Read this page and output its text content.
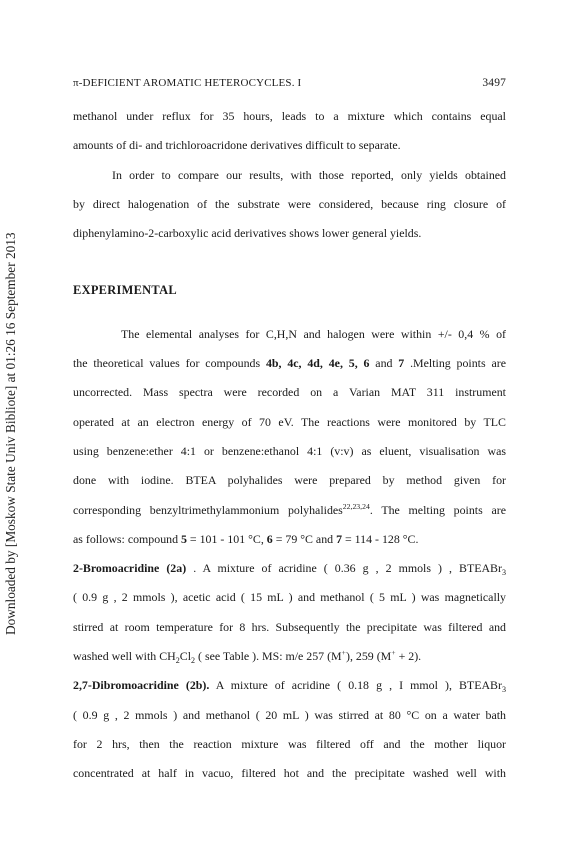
Downloaded by [Moskow State Univ Bibliote] at 01:26 16 September 2013
π-DEFICIENT AROMATIC HETEROCYCLES. I	3497
methanol under reflux for 35 hours, leads to a mixture which contains equal
amounts of di- and trichloroacridone derivatives difficult to separate.
In order to compare our results, with those reported, only yields obtained
by direct halogenation of the substrate were considered, because ring closure of
diphenylamino-2-carboxylic acid derivatives shows lower general yields.
EXPERIMENTAL
The elemental analyses for C,H,N and halogen were within +/- 0,4 % of
the theoretical values for compounds 4b, 4c, 4d, 4e, 5, 6 and 7 .Melting points are
uncorrected. Mass spectra were recorded on a Varian MAT 311 instrument
operated at an electron energy of 70 eV. The reactions were monitored by TLC
using benzene:ether 4:1 or benzene:ethanol 4:1 (v:v) as eluent, visualisation was
done with iodine. BTEA polyhalides were prepared by method given for
corresponding benzyltrimethylammonium polyhalides$^{22,23,24}$. The melting points are
as follows: compound 5 = 101 - 101 °C, 6 = 79 °C and 7 = 114 - 128 °C.
2-Bromoacridine (2a) . A mixture of acridine ( 0.36 g , 2 mmols ) , BTEABr$_3$
( 0.9 g , 2 mmols ), acetic acid ( 15 mL ) and methanol ( 5 mL ) was magnetically
stirred at room temperature for 8 hrs. Subsequently the precipitate was filtered and
washed well with $CH_2Cl_2$ ( see Table ). MS: m/e 257 (M+), 259 (M+ + 2).
2,7-Dibromoacridine (2b). A mixture of acridine ( 0.18 g , I mmol ), BTEABr$_3$
( 0.9 g , 2 mmols ) and methanol ( 20 mL ) was stirred at 80 °C on a water bath
for 2 hrs, then the reaction mixture was filtered off and the mother liquor
concentrated at half in vacuo, filtered hot and the precipitate washed well with
